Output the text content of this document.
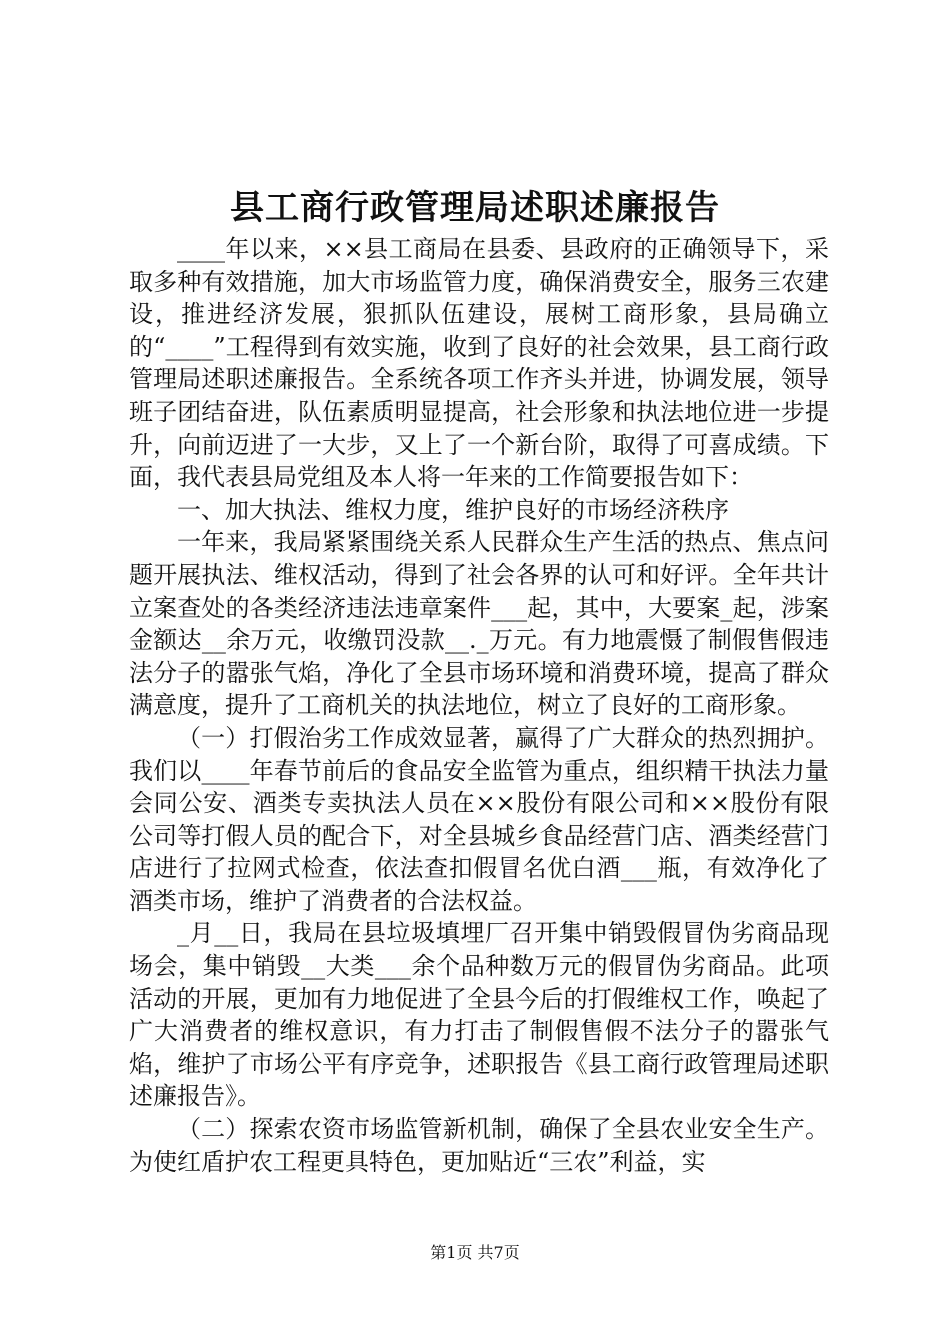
县工商行政管理局述职述廉报告

____年以来，××县工商局在县委、县政府的正确领导下，采取多种有效措施，加大市场监管力度，确保消费安全，服务三农建设，推进经济发展，狠抓队伍建设，展树工商形象，县局确立的“____”工程得到有效实施，收到了良好的社会效果，县工商行政管理局述职述廉报告。全系统各项工作齐头并进，协调发展，领导班子团结奋进，队伍素质明显提高，社会形象和执法地位进一步提升，向前迈进了一大步，又上了一个新台阶，取得了可喜成绩。下面，我代表县局党组及本人将一年来的工作简要报告如下：

一、加大执法、维权力度，维护良好的市场经济秩序

一年来，我局紧紧围绕关系人民群众生产生活的热点、焦点问题开展执法、维权活动，得到了社会各界的认可和好评。全年共计立案查处的各类经济违法违章案件___起，其中，大要案_起，涉案金额达__余万元，收缴罚没款__._万元。有力地震慑了制假售假违法分子的嚣张气焰，净化了全县市场环境和消费环境，提高了群众满意度，提升了工商机关的执法地位，树立了良好的工商形象。

（一）打假治劣工作成效显著，赢得了广大群众的热烈拥护。我们以____年春节前后的食品安全监管为重点，组织精干执法力量会同公安、酒类专卖执法人员在××股份有限公司和××股份有限公司等打假人员的配合下，对全县城乡食品经营门店、酒类经营门店进行了拉网式检查，依法查扣假冒名优白酒___瓶，有效净化了酒类市场，维护了消费者的合法权益。

_月__日，我局在县垃圾填埋厂召开集中销毁假冒伪劣商品现场会，集中销毁__大类___余个品种数万元的假冒伪劣商品。此项活动的开展，更加有力地促进了全县今后的打假维权工作，唤起了广大消费者的维权意识，有力打击了制假售假不法分子的嚣张气焰，维护了市场公平有序竞争，述职报告《县工商行政管理局述职述廉报告》。

（二）探索农资市场监管新机制，确保了全县农业安全生产。为使红盾护农工程更具特色，更加贴近“三农”利益，实

第1页 共7页
